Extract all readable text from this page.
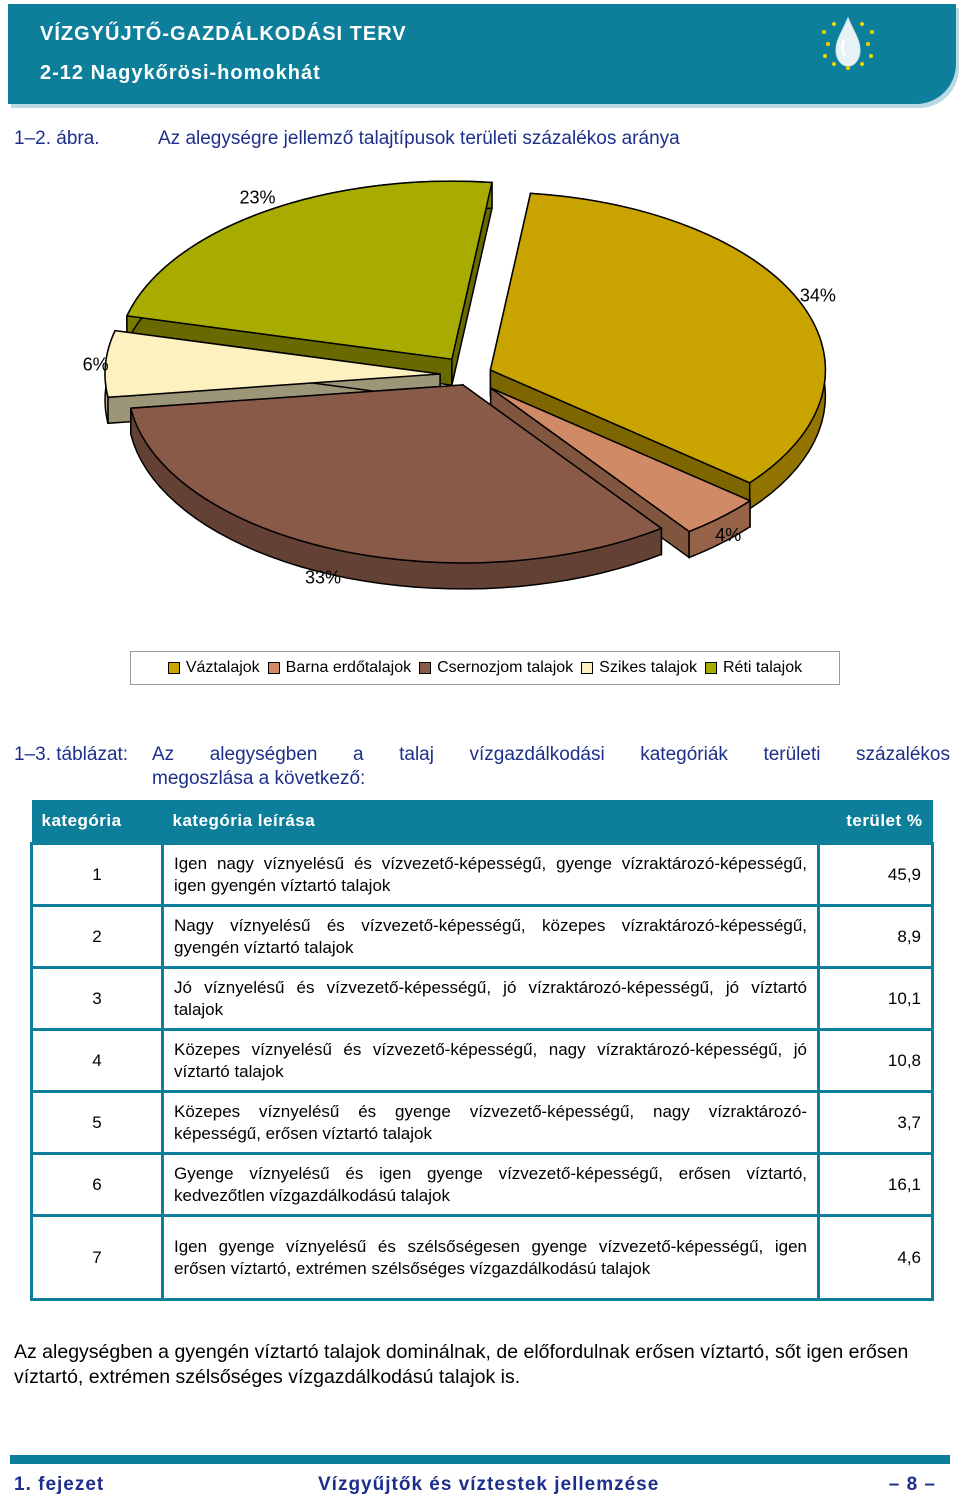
VÍZGYŰJTŐ-GAZDÁLKODÁSI TERV
2-12 Nagykőrösi-homokhát
1–2. ábra.	Az alegységre jellemző talajtípusok területi százalékos aránya
23%
34%
6%
4%
33%
Váztalajok Barna erdőtalajok Csernozjom talajok Szikes talajok Réti talajok
1–3. táblázat:	Az alegységben a talaj vízgazdálkodási kategóriák területi százalékos
megoszlása a következő:
kategória	kategória leírása	terület %
1	Igen nagy víznyelésű és vízvezető-képességű, gyenge vízraktározó-képességű, igen gyengén víztartó talajok	45,9
2	Nagy víznyelésű és vízvezető-képességű, közepes vízraktározó-képességű, gyengén víztartó talajok	8,9
3	Jó víznyelésű és vízvezető-képességű, jó vízraktározó-képességű, jó víztartó talajok	10,1
4	Közepes víznyelésű és vízvezető-képességű, nagy vízraktározó-képességű, jó víztartó talajok	10,8
5	Közepes víznyelésű és gyenge vízvezető-képességű, nagy vízraktározó-képességű, erősen víztartó talajok	3,7
6	Gyenge víznyelésű és igen gyenge vízvezető-képességű, erősen víztartó, kedvezőtlen vízgazdálkodású talajok	16,1
7	Igen gyenge víznyelésű és szélsőségesen gyenge vízvezető-képességű, igen erősen víztartó, extrémen szélsőséges vízgazdálkodású talajok	4,6
Az alegységben a gyengén víztartó talajok dominálnak, de előfordulnak erősen víztartó, sőt igen erősen víztartó, extrémen szélsőséges vízgazdálkodású talajok is.
1. fejezet	Vízgyűjtők és víztestek jellemzése	– 8 –
